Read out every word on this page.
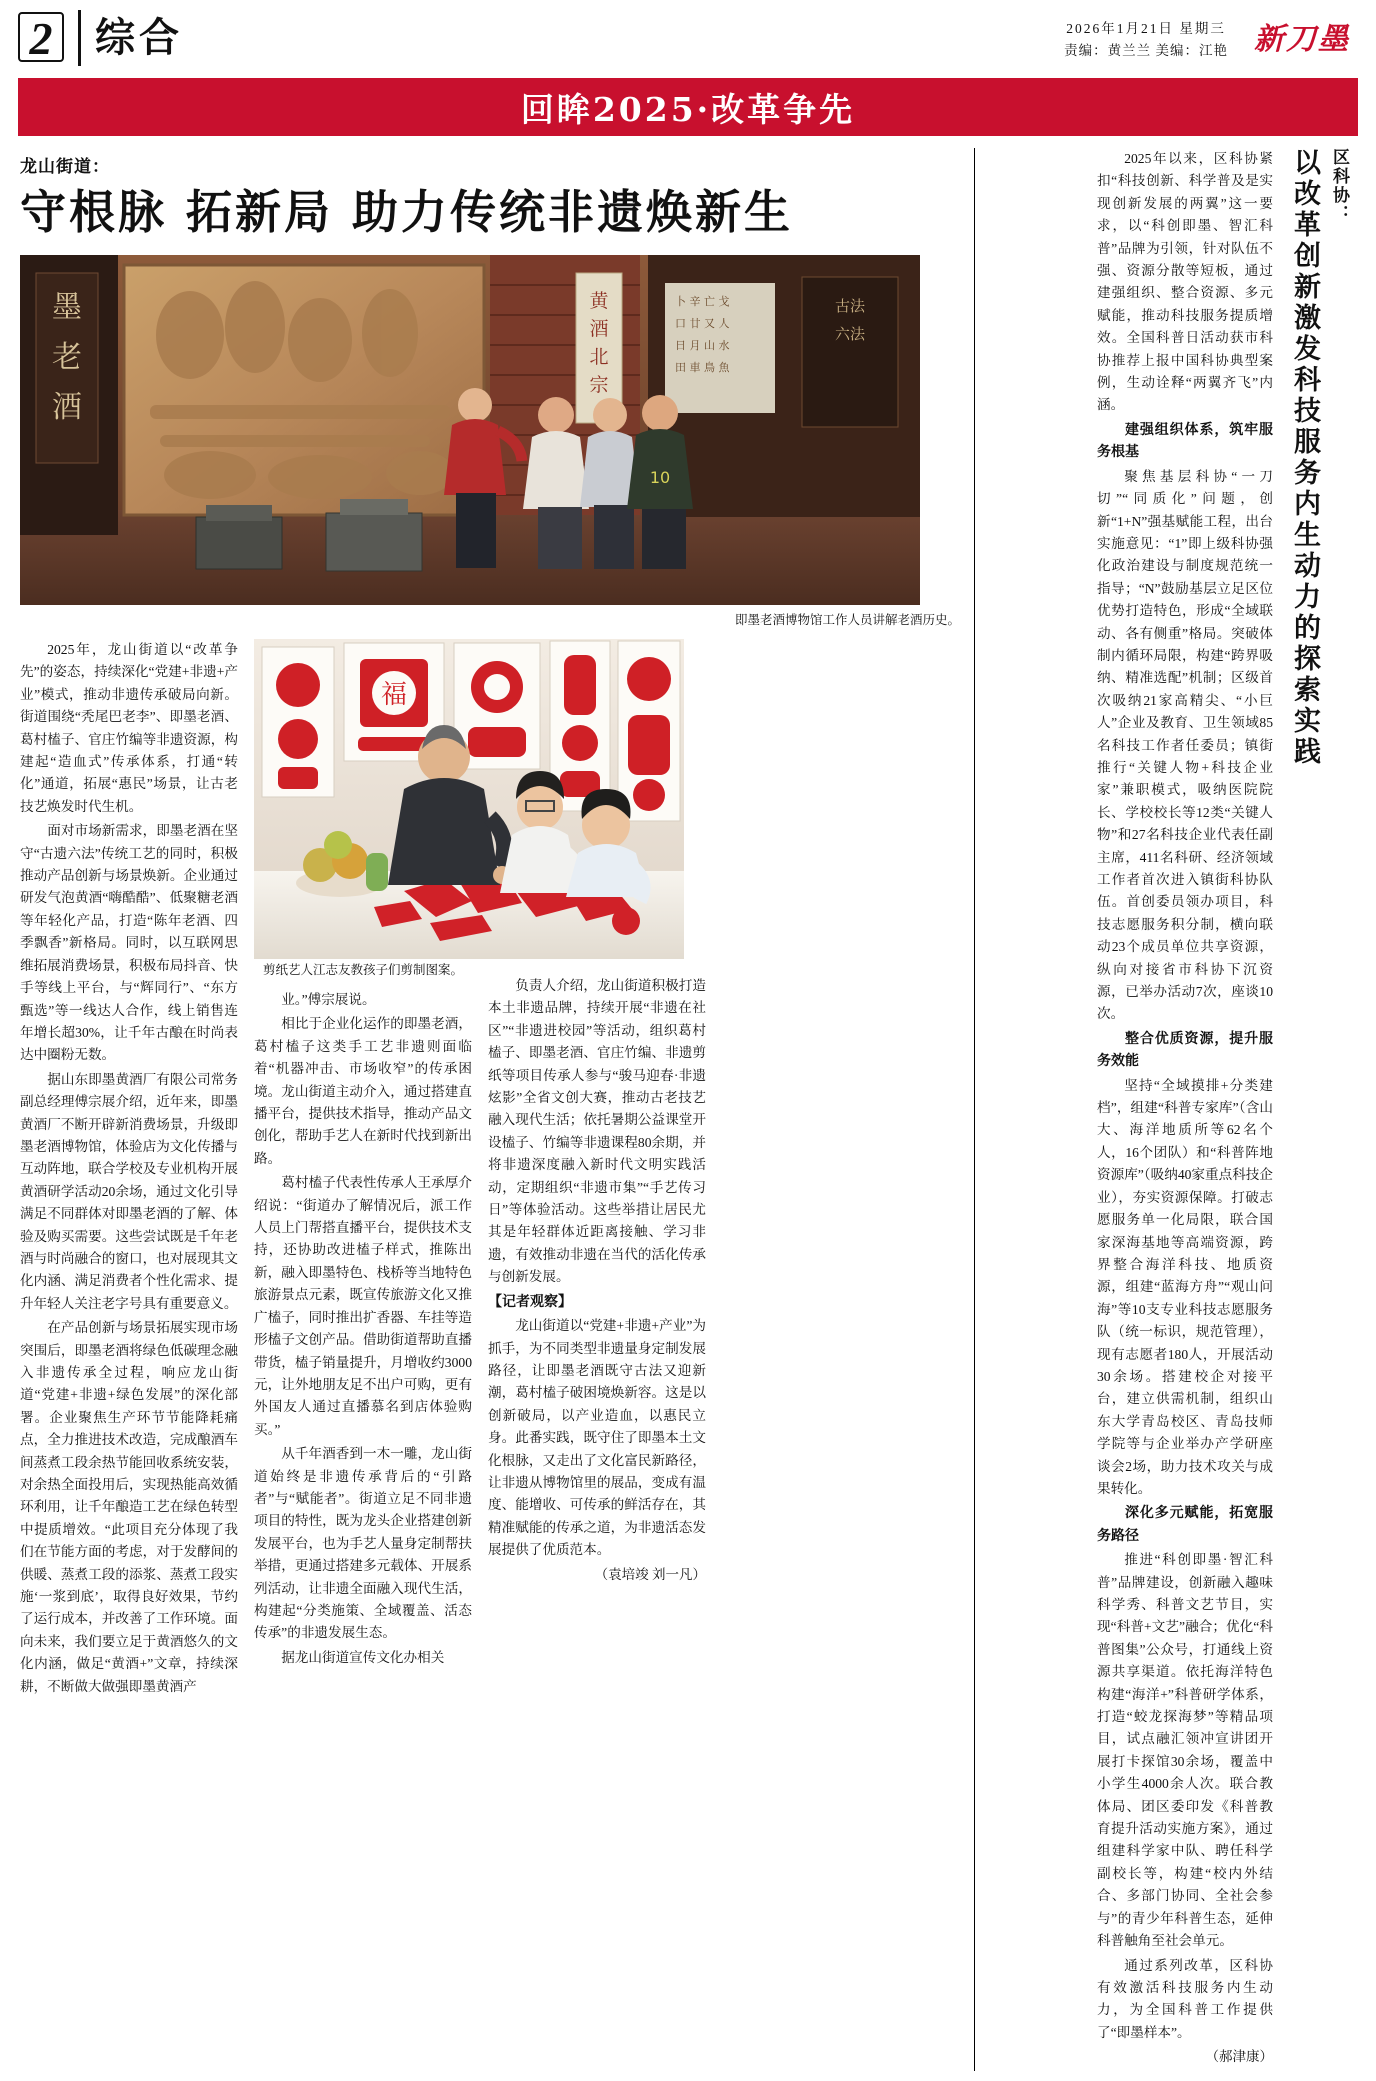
2 综合	2026年1月21日 星期三
责编：黄兰兰 美编：江艳 新刀墨
回眸2025·改革争先
龙山街道：
守根脉 拓新局 助力传统非遗焕新生
墨
老
酒
黄
酒
北
宗
卜 辛 亡 戈
口 廿 又 人
日 月 山 水
田 車 鳥 魚
古法
六法
10
即墨老酒博物馆工作人员讲解老酒历史。

2025年，龙山街道以“改革争先”的姿态，持续深化“党建+非遗+产业”模式，推动非遗传承破局向新。街道围绕“秃尾巴老李”、即墨老酒、葛村榼子、官庄竹编等非遗资源，构建起“造血式”传承体系，打通“转化”通道，拓展“惠民”场景，让古老技艺焕发时代生机。

面对市场新需求，即墨老酒在坚守“古遗六法”传统工艺的同时，积极推动产品创新与场景焕新。企业通过研发气泡黄酒“嗨酷酷”、低聚糖老酒等年轻化产品，打造“陈年老酒、四季飘香”新格局。同时，以互联网思维拓展消费场景，积极布局抖音、快手等线上平台，与“辉同行”、“东方甄选”等一线达人合作，线上销售连年增长超30%，让千年古酿在时尚表达中圈粉无数。

据山东即墨黄酒厂有限公司常务副总经理傅宗展介绍，近年来，即墨黄酒厂不断开辟新消费场景，升级即墨老酒博物馆，体验店为文化传播与互动阵地，联合学校及专业机构开展黄酒研学活动20余场，通过文化引导满足不同群体对即墨老酒的了解、体验及购买需要。这些尝试既是千年老酒与时尚融合的窗口，也对展现其文化内涵、满足消费者个性化需求、提升年轻人关注老字号具有重要意义。

在产品创新与场景拓展实现市场突围后，即墨老酒将绿色低碳理念融入非遗传承全过程，响应龙山街道“党建+非遗+绿色发展”的深化部署。企业聚焦生产环节节能降耗痛点，全力推进技术改造，完成酿酒车间蒸煮工段余热节能回收系统安装，对余热全面投用后，实现热能高效循环利用，让千年酿造工艺在绿色转型中提质增效。“此项目充分体现了我们在节能方面的考虑，对于发酵间的供暖、蒸煮工段的添浆、蒸煮工段实施‘一浆到底’，取得良好效果，节约了运行成本，并改善了工作环境。面向未来，我们要立足于黄酒悠久的文化内涵，做足“黄酒+”文章，持续深耕，不断做大做强即墨黄酒产

福
剪纸艺人江志友教孩子们剪制图案。

业。”傅宗展说。

相比于企业化运作的即墨老酒，葛村榼子这类手工艺非遗则面临着“机器冲击、市场收窄”的传承困境。龙山街道主动介入，通过搭建直播平台，提供技术指导，推动产品文创化，帮助手艺人在新时代找到新出路。

葛村榼子代表性传承人王承厚介绍说：“街道办了解情况后，派工作人员上门帮搭直播平台，提供技术支持，还协助改进榼子样式，推陈出新，融入即墨特色、栈桥等当地特色旅游景点元素，既宣传旅游文化又推广榼子，同时推出扩香器、车挂等造形榼子文创产品。借助街道帮助直播带货，榼子销量提升，月增收约3000元，让外地朋友足不出户可购，更有外国友人通过直播慕名到店体验购买。”

从千年酒香到一木一雕，龙山街道始终是非遗传承背后的“引路者”与“赋能者”。街道立足不同非遗项目的特性，既为龙头企业搭建创新发展平台，也为手艺人量身定制帮扶举措，更通过搭建多元载体、开展系列活动，让非遗全面融入现代生活，构建起“分类施策、全域覆盖、活态传承”的非遗发展生态。

据龙山街道宣传文化办相关

负责人介绍，龙山街道积极打造本土非遗品牌，持续开展“非遗在社区”“非遗进校园”等活动，组织葛村榼子、即墨老酒、官庄竹编、非遗剪纸等项目传承人参与“骏马迎春·非遗炫影”全省文创大赛，推动古老技艺融入现代生活；依托暑期公益课堂开设榼子、竹编等非遗课程80余期，并将非遗深度融入新时代文明实践活动，定期组织“非遗市集”“手艺传习日”等体验活动。这些举措让居民尤其是年轻群体近距离接触、学习非遗，有效推动非遗在当代的活化传承与创新发展。

【记者观察】

龙山街道以“党建+非遗+产业”为抓手，为不同类型非遗量身定制发展路径，让即墨老酒既守古法又迎新潮，葛村榼子破困境焕新容。这是以创新破局，以产业造血，以惠民立身。此番实践，既守住了即墨本土文化根脉，又走出了文化富民新路径，让非遗从博物馆里的展品，变成有温度、能增收、可传承的鲜活存在，其精准赋能的传承之道，为非遗活态发展提供了优质范本。

（袁培竣 刘一凡）

以改革创新激发科技服务内生动力的探索实践 区科协：

2025年以来，区科协紧扣“科技创新、科学普及是实现创新发展的两翼”这一要求，以“科创即墨、智汇科普”品牌为引领，针对队伍不强、资源分散等短板，通过建强组织、整合资源、多元赋能，推动科技服务提质增效。全国科普日活动获市科协推荐上报中国科协典型案例，生动诠释“两翼齐飞”内涵。

建强组织体系，筑牢服务根基

聚焦基层科协“一刀切”“同质化”问题，创新“1+N”强基赋能工程，出台实施意见：“1”即上级科协强化政治建设与制度规范统一指导；“N”鼓励基层立足区位优势打造特色，形成“全域联动、各有侧重”格局。突破体制内循环局限，构建“跨界吸纳、精准选配”机制；区级首次吸纳21家高精尖、“小巨人”企业及教育、卫生领域85名科技工作者任委员；镇街推行“关键人物+科技企业家”兼职模式，吸纳医院院长、学校校长等12类“关键人物”和27名科技企业代表任副主席，411名科研、经济领域工作者首次进入镇街科协队伍。首创委员领办项目，科技志愿服务积分制，横向联动23个成员单位共享资源，纵向对接省市科协下沉资源，已举办活动7次，座谈10次。

整合优质资源，提升服务效能

坚持“全域摸排+分类建档”，组建“科普专家库”（含山大、海洋地质所等62名个人，16个团队）和“科普阵地资源库”（吸纳40家重点科技企业），夯实资源保障。打破志愿服务单一化局限，联合国家深海基地等高端资源，跨界整合海洋科技、地质资源，组建“蓝海方舟”“观山问海”等10支专业科技志愿服务队（统一标识，规范管理），现有志愿者180人，开展活动30余场。搭建校企对接平台，建立供需机制，组织山东大学青岛校区、青岛技师学院等与企业举办产学研座谈会2场，助力技术攻关与成果转化。

深化多元赋能，拓宽服务路径

推进“科创即墨·智汇科普”品牌建设，创新融入趣味科学秀、科普文艺节目，实现“科普+文艺”融合；优化“科普图集”公众号，打通线上资源共享渠道。依托海洋特色构建“海洋+”科普研学体系，打造“蛟龙探海梦”等精品项目，试点融汇领冲宣讲团开展打卡探馆30余场，覆盖中小学生4000余人次。联合教体局、团区委印发《科普教育提升活动实施方案》，通过组建科学家中队、聘任科学副校长等，构建“校内外结合、多部门协同、全社会参与”的青少年科普生态，延伸科普触角至社会单元。

通过系列改革，区科协有效激活科技服务内生动力，为全国科普工作提供了“即墨样本”。

（郝津康）
